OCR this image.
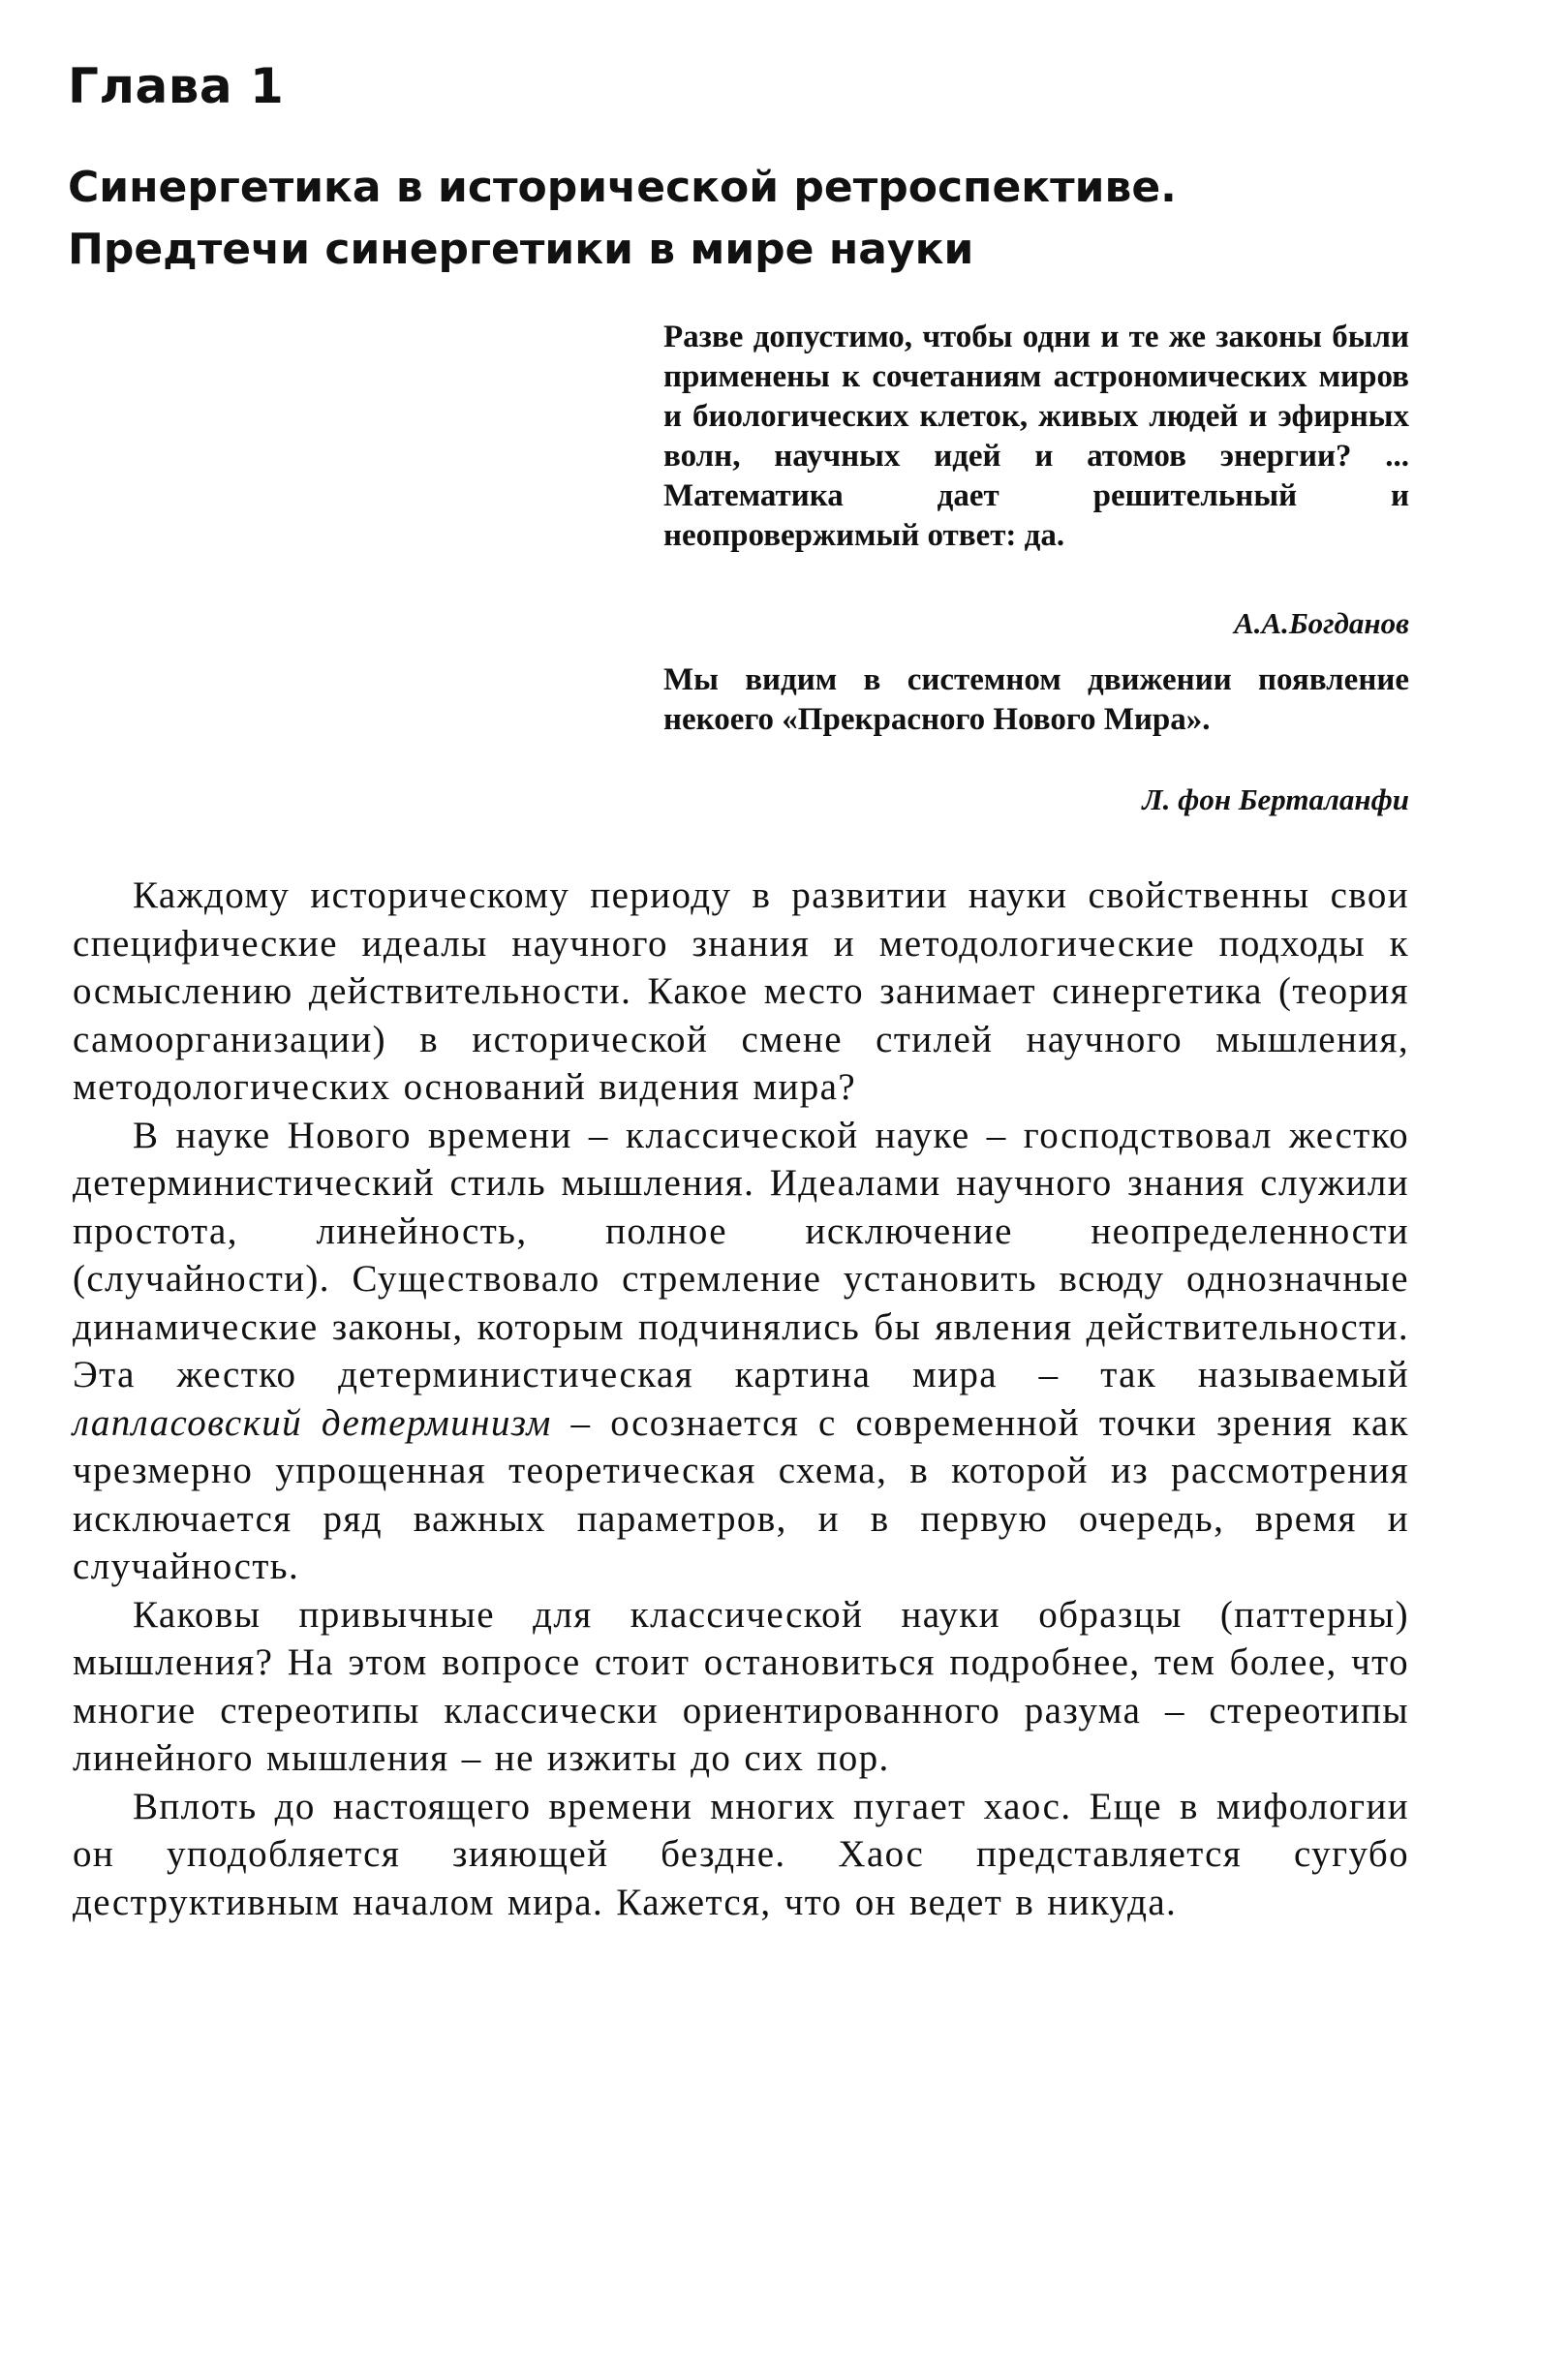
Глава 1
Синергетика в исторической ретроспективе.
Предтечи синергетики в мире науки

Разве допустимо, чтобы одни и те же законы были применены к сочетаниям астрономических миров и биологических клеток, живых людей и эфирных волн, научных идей и атомов энергии? ... Математика дает решительный и неопровержимый ответ: да.

А.А.Богданов

Мы видим в системном движении появление некоего «Прекрасного Нового Мира».

Л. фон Берталанфи

Каждому историческому периоду в развитии науки свойственны свои специфические идеалы научного знания и методологические подходы к осмыслению действительности. Какое место занимает синергетика (теория самоорганизации) в исторической смене стилей научного мышления, методологических оснований видения мира?

В науке Нового времени – классической науке – господствовал жестко детерминистический стиль мышления. Идеалами научного знания служили простота, линейность, полное исключение неопределенности (случайности). Существовало стремление установить всюду однозначные динамические законы, которым подчинялись бы явления действительности. Эта жестко детерминистическая картина мира – так называемый лапласовский детерминизм – осознается с современной точки зрения как чрезмерно упрощенная теоретическая схема, в которой из рассмотрения исключается ряд важных параметров, и в первую очередь, время и случайность.

Каковы привычные для классической науки образцы (паттерны) мышления? На этом вопросе стоит остановиться подробнее, тем более, что многие стереотипы классически ориентированного разума – стереотипы линейного мышления – не изжиты до сих пор.

Вплоть до настоящего времени многих пугает хаос. Еще в мифологии он уподобляется зияющей бездне. Хаос представляется сугубо деструктивным началом мира. Кажется, что он ведет в никуда.
